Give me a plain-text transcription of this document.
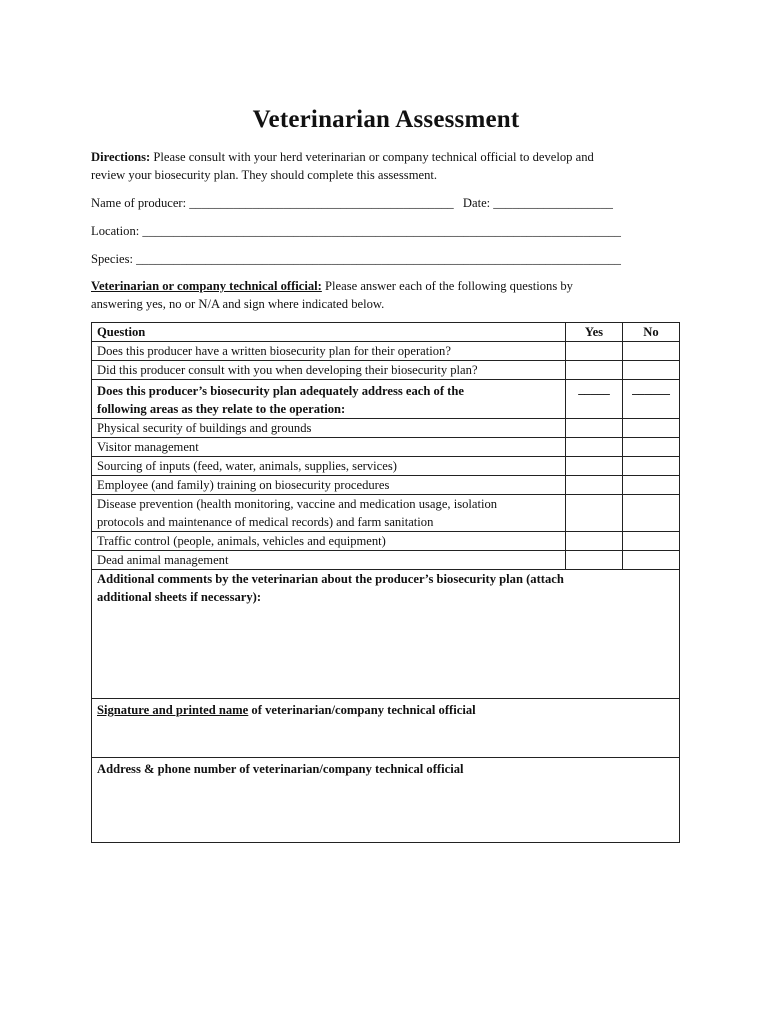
Veterinarian Assessment
Directions: Please consult with your herd veterinarian or company technical official to develop and
review your biosecurity plan. They should complete this assessment.
Name of producer: __________________________________________ Date: ___________________
Location: ____________________________________________________________________________
Species: _____________________________________________________________________________
Veterinarian or company technical official: Please answer each of the following questions by
answering yes, no or N/A and sign where indicated below.
Question	Yes	No
Does this producer have a written biosecurity plan for their operation?		
Did this producer consult with you when developing their biosecurity plan?		
Does this producer’s biosecurity plan adequately address each of the
following areas as they relate to the operation:	_____	______
Physical security of buildings and grounds		
Visitor management		
Sourcing of inputs (feed, water, animals, supplies, services)		
Employee (and family) training on biosecurity procedures		
Disease prevention (health monitoring, vaccine and medication usage, isolation
protocols and maintenance of medical records) and farm sanitation		
Traffic control (people, animals, vehicles and equipment)		
Dead animal management		
Additional comments by the veterinarian about the producer’s biosecurity plan (attach
additional sheets if necessary):		
Signature and printed name of veterinarian/company technical official		
Address & phone number of veterinarian/company technical official		
